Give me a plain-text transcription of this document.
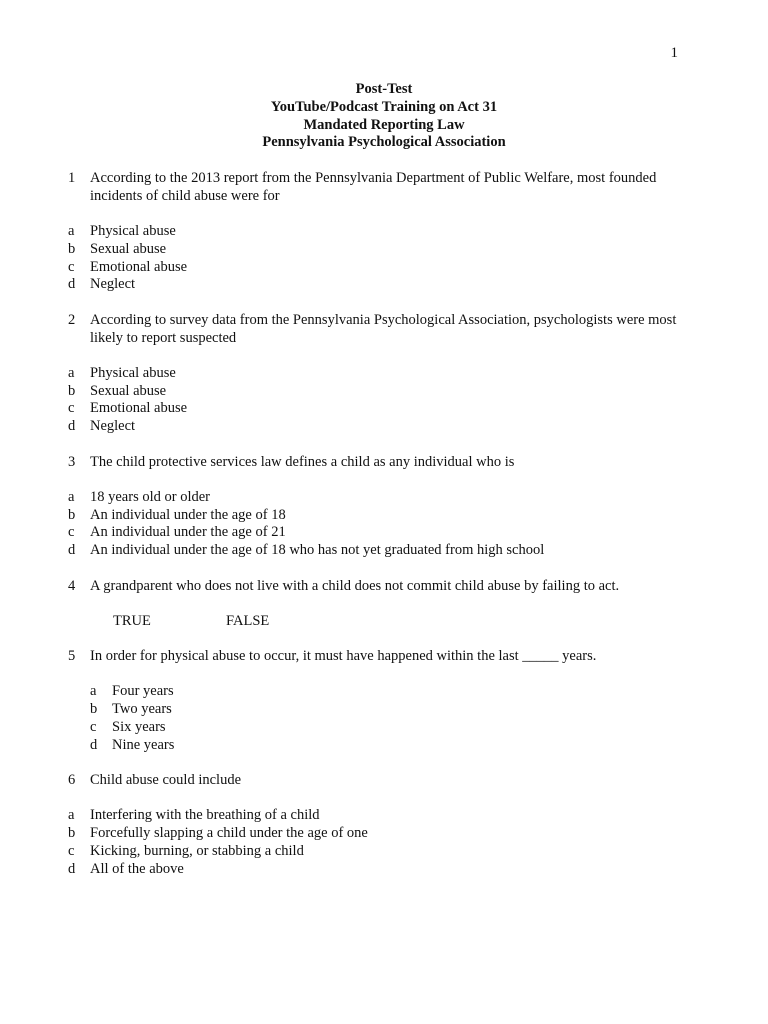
1
Post-Test
YouTube/Podcast Training on Act 31
Mandated Reporting Law
Pennsylvania Psychological Association
1	According to the 2013 report from the Pennsylvania Department of Public Welfare, most founded incidents of child abuse were for
a	Physical abuse
b	Sexual abuse
c	Emotional abuse
d	Neglect
2	According to survey data from the Pennsylvania Psychological Association, psychologists were most likely to report suspected
a	Physical abuse
b	Sexual abuse
c	Emotional abuse
d	Neglect
3	The child protective services law defines a child as any individual who is
a	18 years old or older
b	An individual under the age of 18
c	An individual under the age of 21
d	An individual under the age of 18 who has not yet graduated from high school
4	A grandparent who does not live with a child does not commit child abuse by failing to act.
TRUE	FALSE
5	In order for physical abuse to occur, it must have happened within the last _____ years.
a	Four years
b	Two years
c	Six years
d	Nine years
6	Child abuse could include
a	Interfering with the breathing of a child
b	Forcefully slapping a child under the age of one
c	Kicking, burning, or stabbing a child
d	All of the above
